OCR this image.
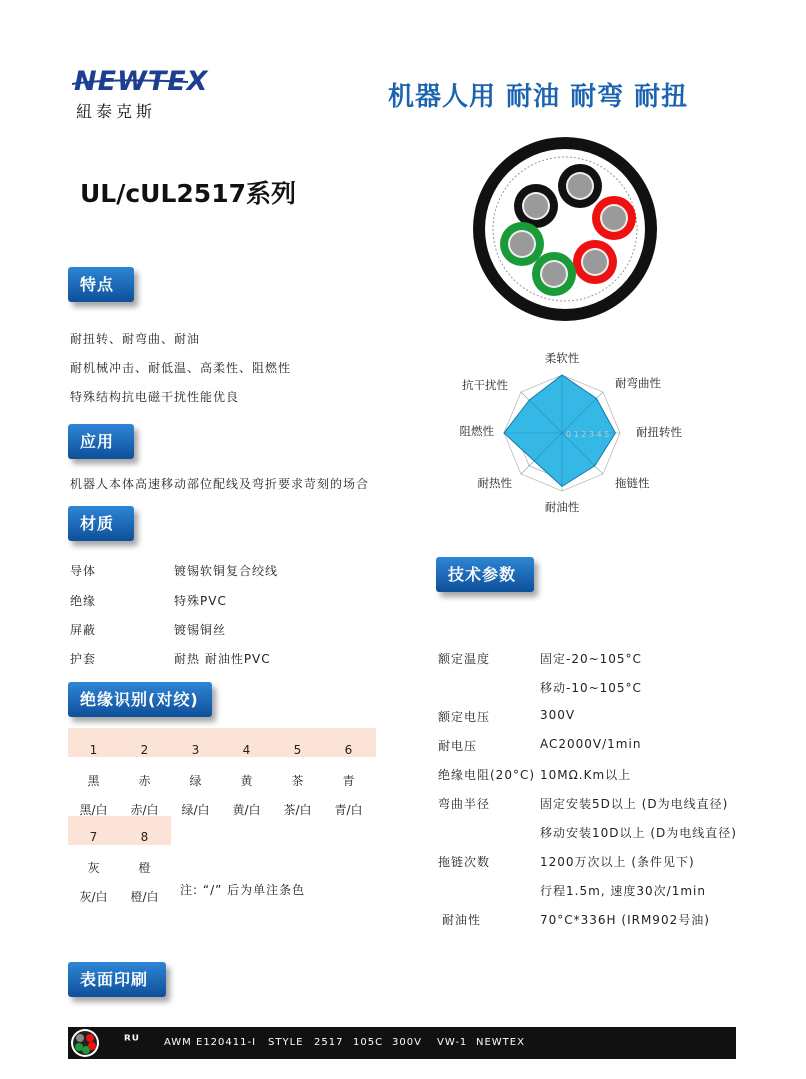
NEWTEX
紐泰克斯	机器人用 耐油 耐弯 耐扭
UL/cUL2517系列
特点
耐扭转、耐弯曲、耐油
耐机械冲击、耐低温、高柔性、阻燃性
特殊结构抗电磁干扰性能优良
0 1 2 3 4 5
柔软性
耐弯曲性
耐扭转性
拖链性
耐油性
耐热性
阻燃性
抗干扰性
应用
机器人本体高速移动部位配线及弯折要求苛刻的场合
材质
导体	镀锡软铜复合绞线
绝缘	特殊PVC
屏蔽	镀锡铜丝
护套	耐热 耐油性PVC
绝缘识别(对绞)
1	2	3	4	5	6
黑	赤	绿	黄	茶	青
黑/白	赤/白	绿/白	黄/白	茶/白	青/白
7	8
灰	橙
灰/白	橙/白	注: “/” 后为单注条色
技术参数
额定温度	固定-20~105°C
移动-10~105°C
额定电压	300V
耐电压	AC2000V/1min
绝缘电阻(20°C) 10MΩ.Km以上
弯曲半径	固定安装5D以上 (D为电线直径)
移动安装10D以上 (D为电线直径)
拖链次数	1200万次以上 (条件见下)
行程1.5m, 速度30次/1min
耐油性	70°C*336H (IRM902号油)
表面印刷
ᴿᵁ AWM E120411-I STYLE 2517 105C 300V VW-1 NEWTEX
